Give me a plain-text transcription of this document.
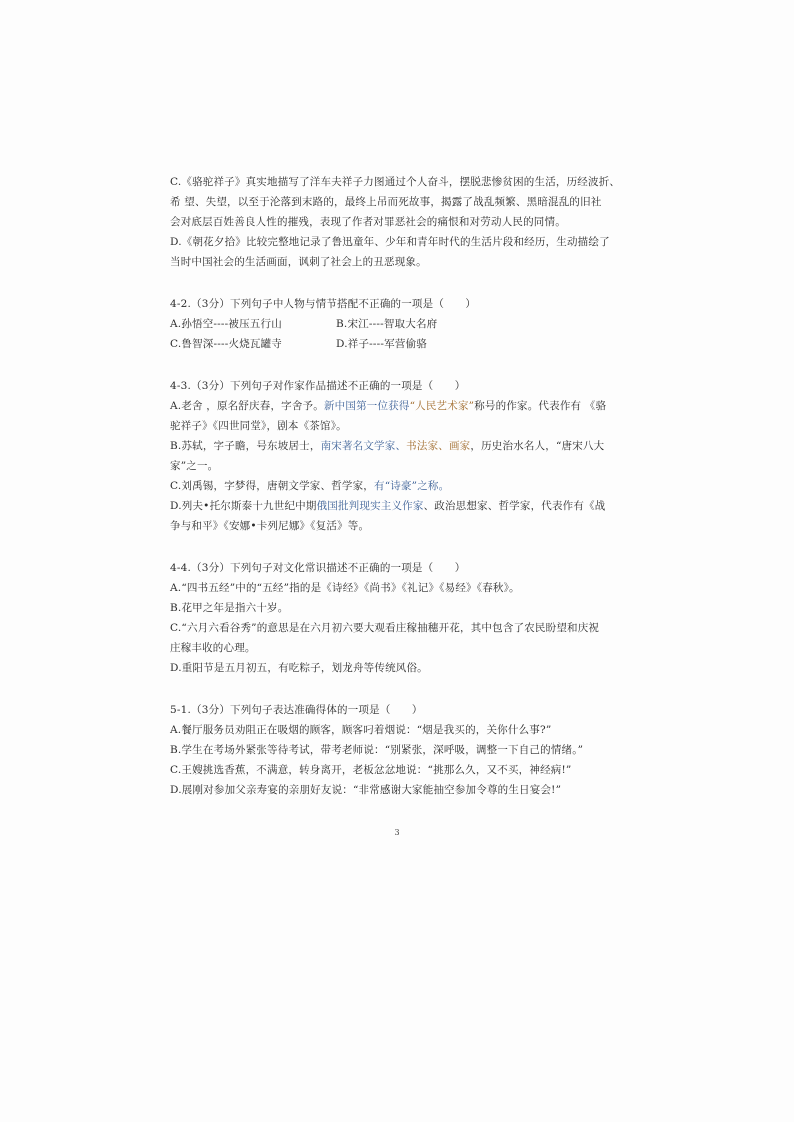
C.《骆驼祥子》真实地描写了洋车夫祥子力图通过个人奋斗，摆脱悲惨贫困的生活，历经波折、
希 望、失望，以至于沦落到末路的，最终上吊而死故事，揭露了战乱频繁、黑暗混乱的旧社
会对底层百姓善良人性的摧残，表现了作者对罪恶社会的痛恨和对劳动人民的同情。
D.《朝花夕拾》比较完整地记录了鲁迅童年、少年和青年时代的生活片段和经历，生动描绘了
当时中国社会的生活画面，讽刺了社会上的丑恶现象。
4-2.（3分）下列句子中人物与情节搭配不正确的一项是（　　）
A.孙悟空----被压五行山	B.宋江----智取大名府
C.鲁智深----火烧瓦罐寺	D.祥子----军营偷骆
4-3.（3分）下列句子对作家作品描述不正确的一项是（　　）
A.老舍 ，原名舒庆春，字舍予。新中国第一位获得“人民艺术家”称号的作家。代表作有 《骆
驼祥子》《四世同堂》，剧本《茶馆》。
B.苏轼，字子瞻，号东坡居士，南宋著名文学家、书法家、画家，历史治水名人，“唐宋八大
家”之一。
C.刘禹锡，字梦得，唐朝文学家、哲学家，有“诗豪”之称。
D.列夫•托尔斯泰十九世纪中期俄国批判现实主义作家、政治思想家、哲学家，代表作有《战
争与和平》《安娜•卡列尼娜》《复活》等。
4-4.（3分）下列句子对文化常识描述不正确的一项是（　　）
A.“四书五经”中的“五经”指的是《诗经》《尚书》《礼记》《易经》《春秋》。
B.花甲之年是指六十岁。
C.“六月六看谷秀”的意思是在六月初六要大观看庄稼抽穗开花，其中包含了农民盼望和庆祝
庄稼丰收的心理。
D.重阳节是五月初五，有吃粽子，划龙舟等传统风俗。
5-1.（3分）下列句子表达准确得体的一项是（　　）
A.餐厅服务员劝阻正在吸烟的顾客，顾客叼着烟说：“烟是我买的，关你什么事?”
B.学生在考场外紧张等待考试，带考老师说：“别紧张，深呼吸，调整一下自己的情绪。”
C.王嫂挑选香蕉，不满意，转身离开，老板忿忿地说：“挑那么久，又不买，神经病!”
D.展刚对参加父亲寿宴的亲朋好友说：“非常感谢大家能抽空参加令尊的生日宴会!”
3
